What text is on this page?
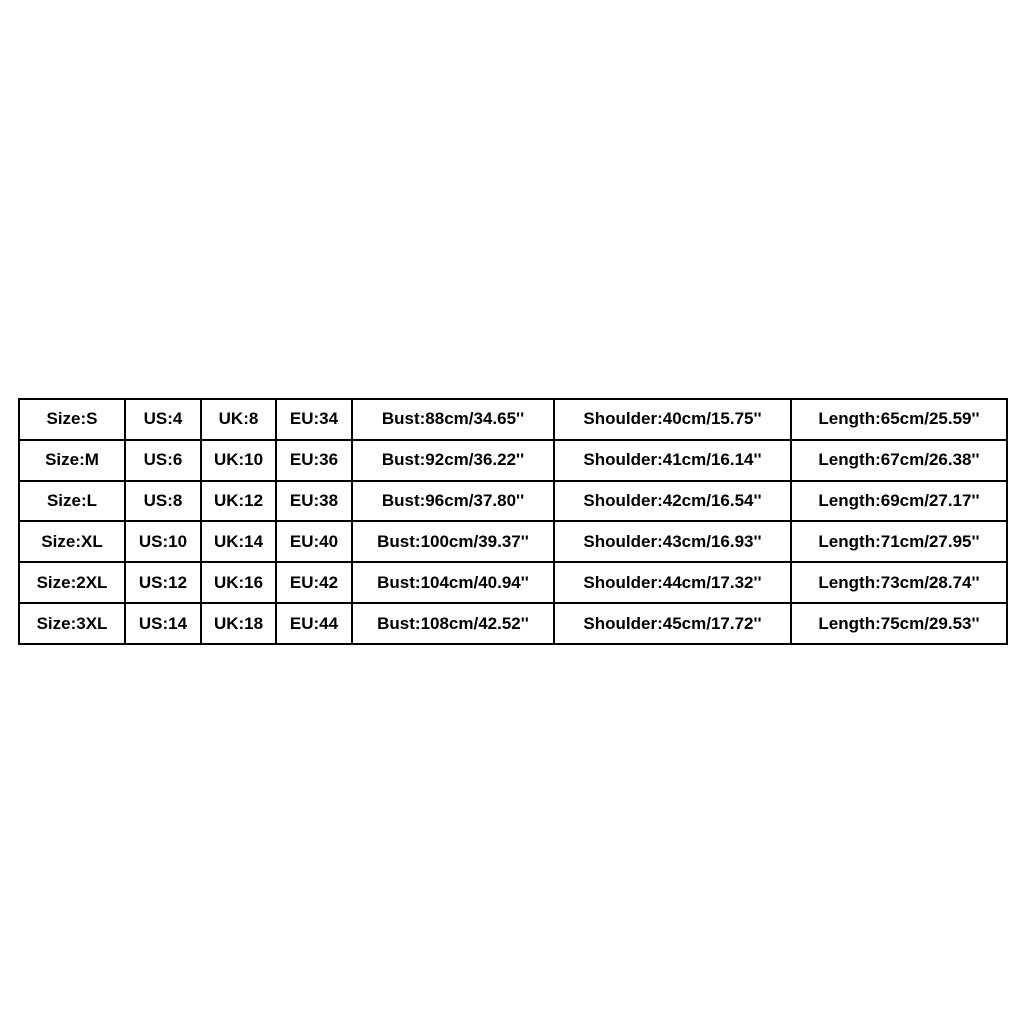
Size:S	US:4	UK:8	EU:34	Bust:88cm/34.65''	Shoulder:40cm/15.75''	Length:65cm/25.59''
Size:M	US:6	UK:10	EU:36	Bust:92cm/36.22''	Shoulder:41cm/16.14''	Length:67cm/26.38''
Size:L	US:8	UK:12	EU:38	Bust:96cm/37.80''	Shoulder:42cm/16.54''	Length:69cm/27.17''
Size:XL	US:10	UK:14	EU:40	Bust:100cm/39.37''	Shoulder:43cm/16.93''	Length:71cm/27.95''
Size:2XL	US:12	UK:16	EU:42	Bust:104cm/40.94''	Shoulder:44cm/17.32''	Length:73cm/28.74''
Size:3XL	US:14	UK:18	EU:44	Bust:108cm/42.52''	Shoulder:45cm/17.72''	Length:75cm/29.53''
